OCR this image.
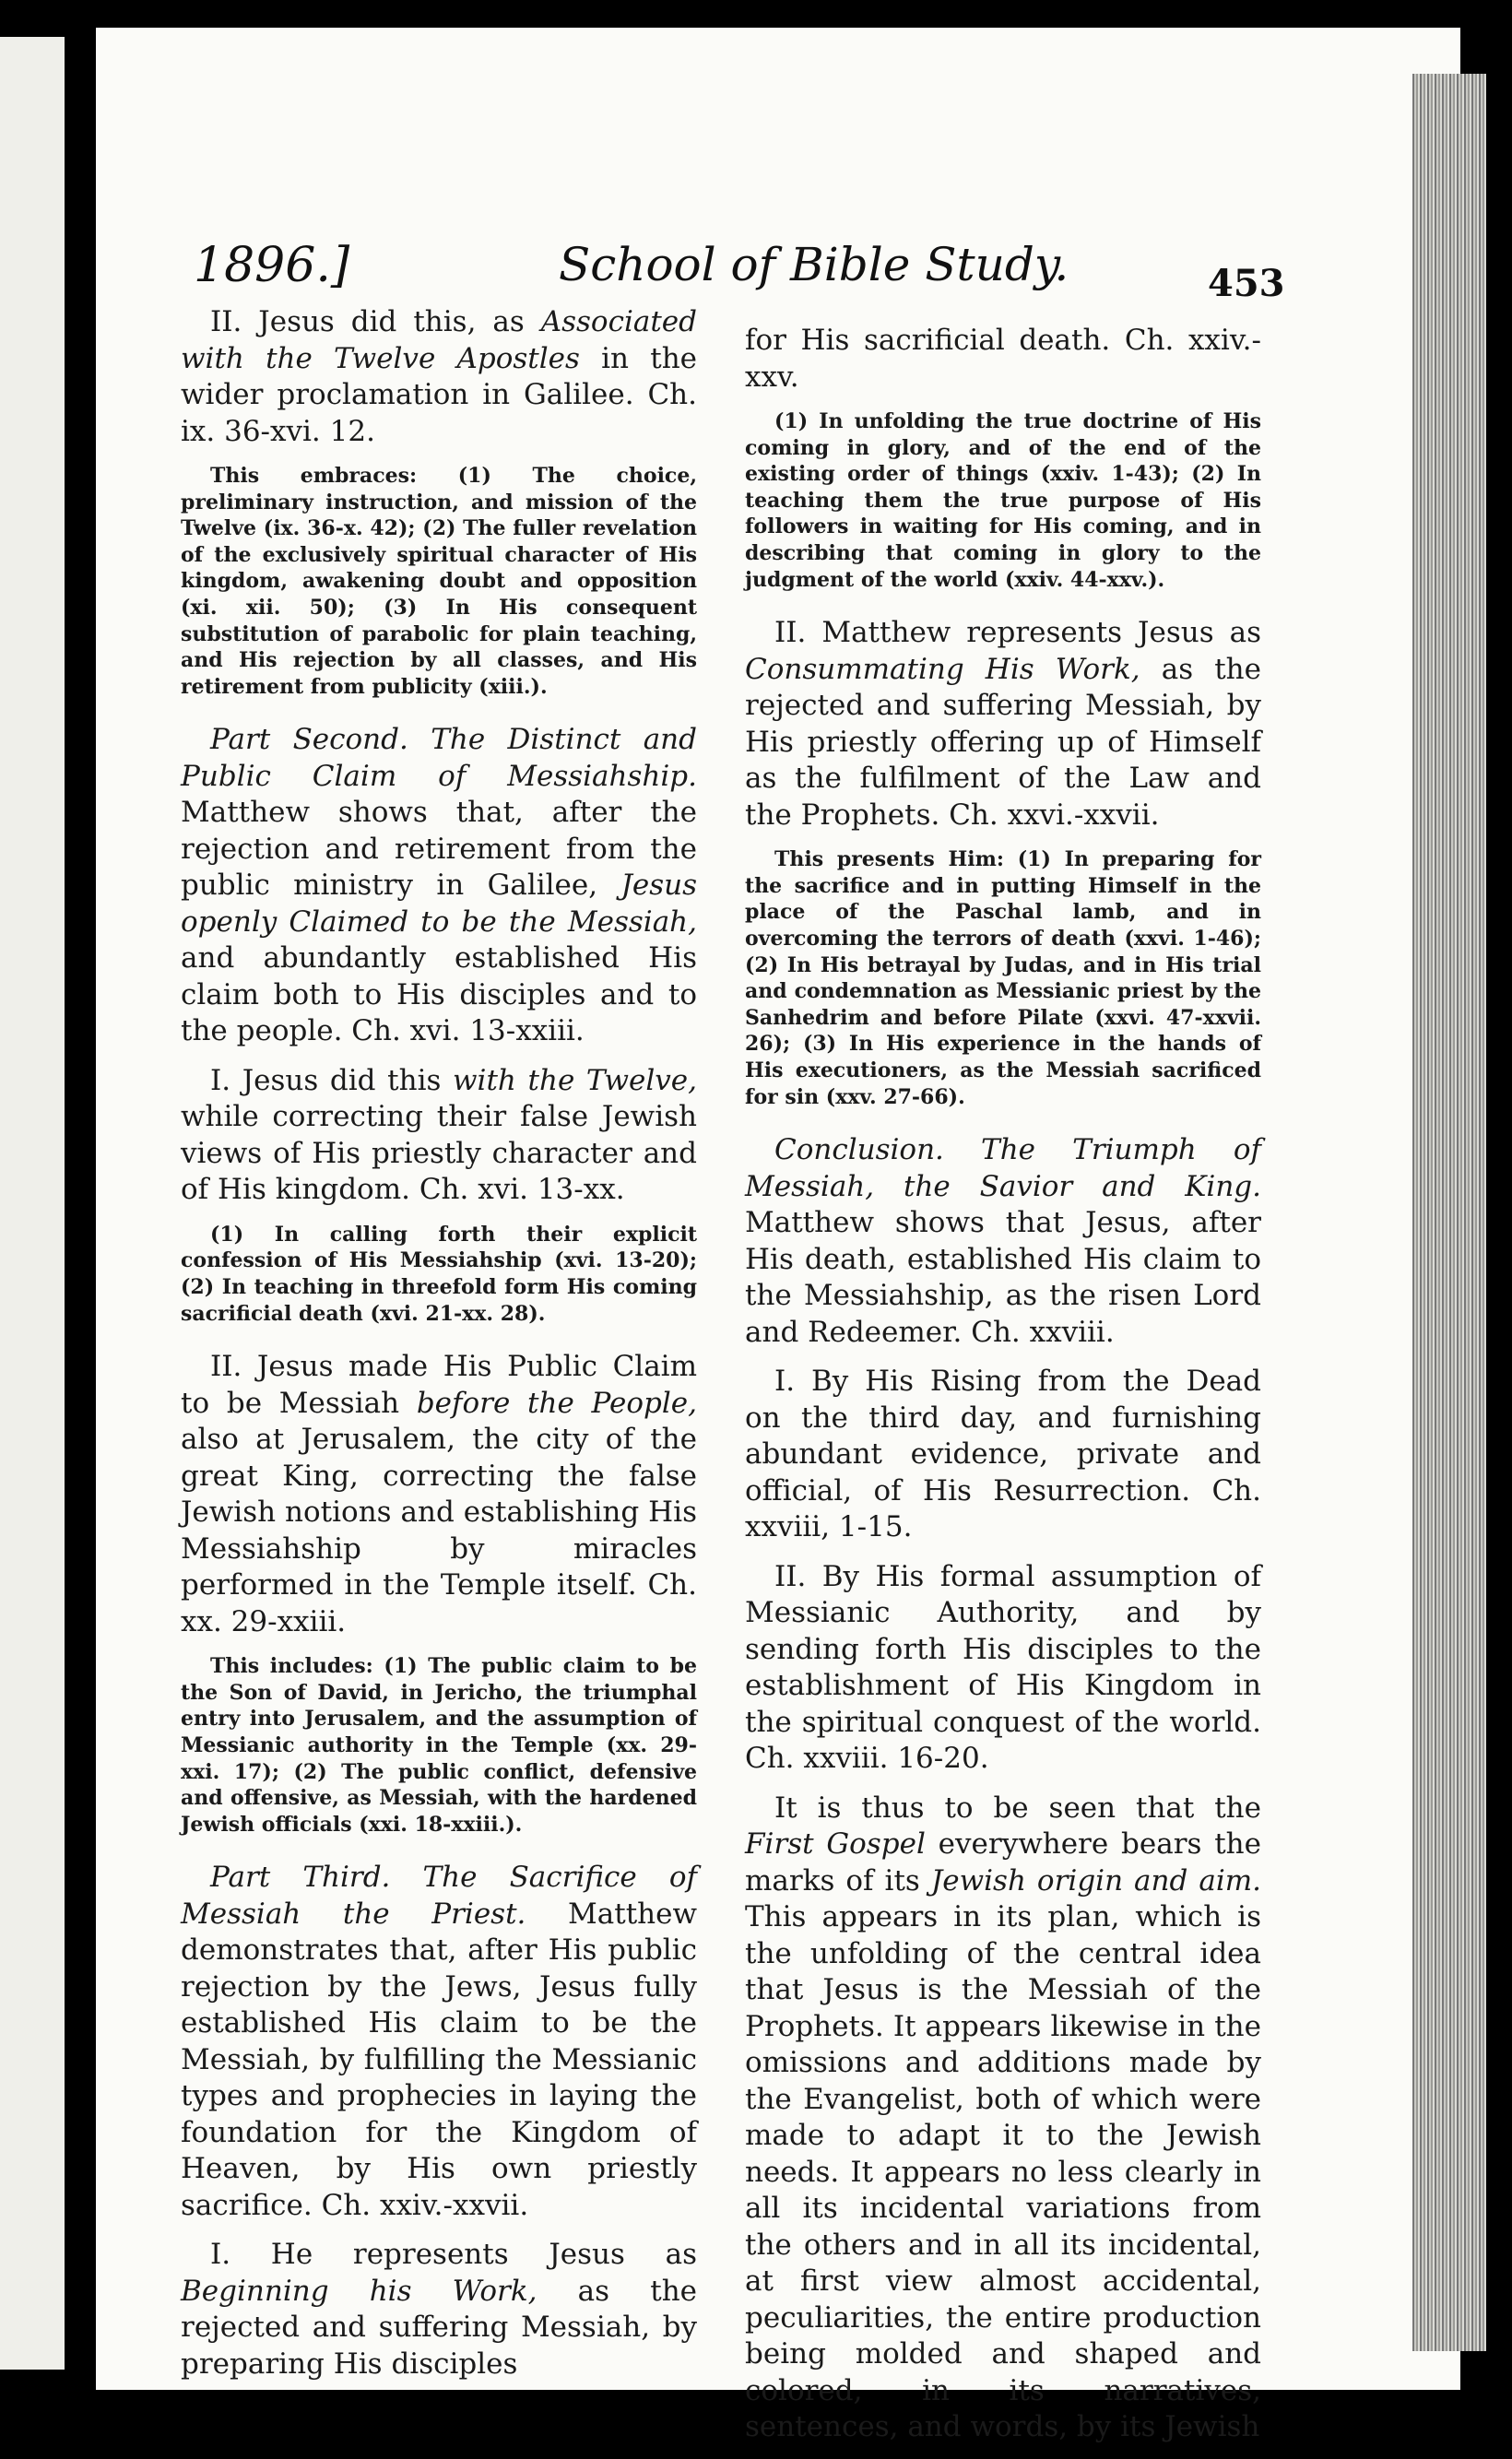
1896.]	School of Bible Study.	453

II. Jesus did this, as Associated with the Twelve Apostles in the wider proclamation in Galilee. Ch. ix. 36-xvi. 12.

This embraces: (1) The choice, preliminary instruction, and mission of the Twelve (ix. 36-x. 42); (2) The fuller revelation of the exclusively spiritual character of His kingdom, awakening doubt and opposition (xi. xii. 50); (3) In His consequent substitution of parabolic for plain teaching, and His rejection by all classes, and His retirement from publicity (xiii.).

Part Second. The Distinct and Public Claim of Messiahship. Matthew shows that, after the rejection and retirement from the public ministry in Galilee, Jesus openly Claimed to be the Messiah, and abundantly established His claim both to His disciples and to the people. Ch. xvi. 13-xxiii.

I. Jesus did this with the Twelve, while correcting their false Jewish views of His priestly character and of His kingdom. Ch. xvi. 13-xx.

(1) In calling forth their explicit confession of His Messiahship (xvi. 13-20); (2) In teaching in threefold form His coming sacrificial death (xvi. 21-xx. 28).

II. Jesus made His Public Claim to be Messiah before the People, also at Jerusalem, the city of the great King, correcting the false Jewish notions and establishing His Messiahship by miracles performed in the Temple itself. Ch. xx. 29-xxiii.

This includes: (1) The public claim to be the Son of David, in Jericho, the triumphal entry into Jerusalem, and the assumption of Messianic authority in the Temple (xx. 29-xxi. 17); (2) The public conflict, defensive and offensive, as Messiah, with the hardened Jewish officials (xxi. 18-xxiii.).

Part Third. The Sacrifice of Messiah the Priest. Matthew demonstrates that, after His public rejection by the Jews, Jesus fully established His claim to be the Messiah, by fulfilling the Messianic types and prophecies in laying the foundation for the Kingdom of Heaven, by His own priestly sacrifice. Ch. xxiv.-xxvii.

I. He represents Jesus as Beginning his Work, as the rejected and suffering Messiah, by preparing His disciples

for His sacrificial death. Ch. xxiv.-xxv.

(1) In unfolding the true doctrine of His coming in glory, and of the end of the existing order of things (xxiv. 1-43); (2) In teaching them the true purpose of His followers in waiting for His coming, and in describing that coming in glory to the judgment of the world (xxiv. 44-xxv.).

II. Matthew represents Jesus as Consummating His Work, as the rejected and suffering Messiah, by His priestly offering up of Himself as the fulfilment of the Law and the Prophets. Ch. xxvi.-xxvii.

This presents Him: (1) In preparing for the sacrifice and in putting Himself in the place of the Paschal lamb, and in overcoming the terrors of death (xxvi. 1-46); (2) In His betrayal by Judas, and in His trial and condemnation as Messianic priest by the Sanhedrim and before Pilate (xxvi. 47-xxvii. 26); (3) In His experience in the hands of His executioners, as the Messiah sacrificed for sin (xxv. 27-66).

Conclusion. The Triumph of Messiah, the Savior and King. Matthew shows that Jesus, after His death, established His claim to the Messiahship, as the risen Lord and Redeemer. Ch. xxviii.

I. By His Rising from the Dead on the third day, and furnishing abundant evidence, private and official, of His Resurrection. Ch. xxviii, 1-15.

II. By His formal assumption of Messianic Authority, and by sending forth His disciples to the establishment of His Kingdom in the spiritual conquest of the world. Ch. xxviii. 16-20.

It is thus to be seen that the First Gospel everywhere bears the marks of its Jewish origin and aim. This appears in its plan, which is the unfolding of the central idea that Jesus is the Messiah of the Prophets. It appears likewise in the omissions and additions made by the Evangelist, both of which were made to adapt it to the Jewish needs. It appears no less clearly in all its incidental variations from the others and in all its incidental, at first view almost accidental, peculiarities, the entire production being molded and shaped and colored, in its narratives, sentences, and words, by its Jewish
